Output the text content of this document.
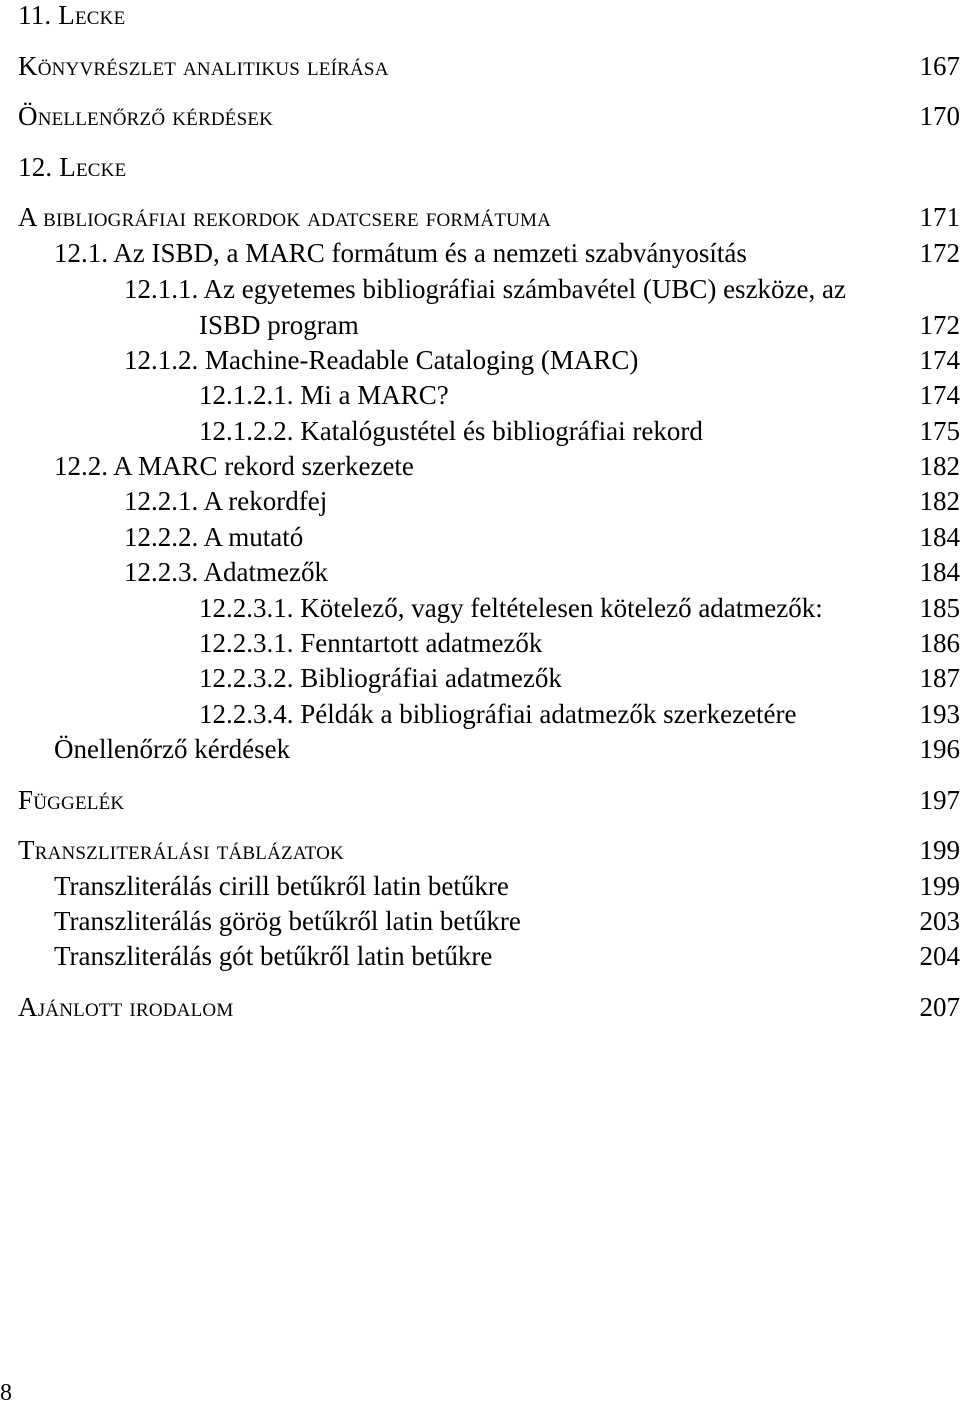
11. Lecke
Könyvrészlet analitikus leírása	167
Önellenőrző kérdések	170
12. Lecke
A bibliográfiai rekordok adatcsere formátuma	171
12.1. Az ISBD, a MARC formátum és a nemzeti szabványosítás	172
12.1.1. Az egyetemes bibliográfiai számbavétel (UBC) eszköze, az
ISBD program	172
12.1.2. Machine-Readable Cataloging (MARC)	174
12.1.2.1. Mi a MARC?	174
12.1.2.2. Katalógustétel és bibliográfiai rekord	175
12.2. A MARC rekord szerkezete	182
12.2.1. A rekordfej	182
12.2.2. A mutató	184
12.2.3. Adatmezők	184
12.2.3.1. Kötelező, vagy feltételesen kötelező adatmezők:	185
12.2.3.1. Fenntartott adatmezők	186
12.2.3.2. Bibliográfiai adatmezők	187
12.2.3.4. Példák a bibliográfiai adatmezők szerkezetére	193
Önellenőrző kérdések	196
Függelék	197
Transzliterálási táblázatok	199
Transzliterálás cirill betűkről latin betűkre	199
Transzliterálás görög betűkről latin betűkre	203
Transzliterálás gót betűkről latin betűkre	204
Ajánlott irodalom	207
8
